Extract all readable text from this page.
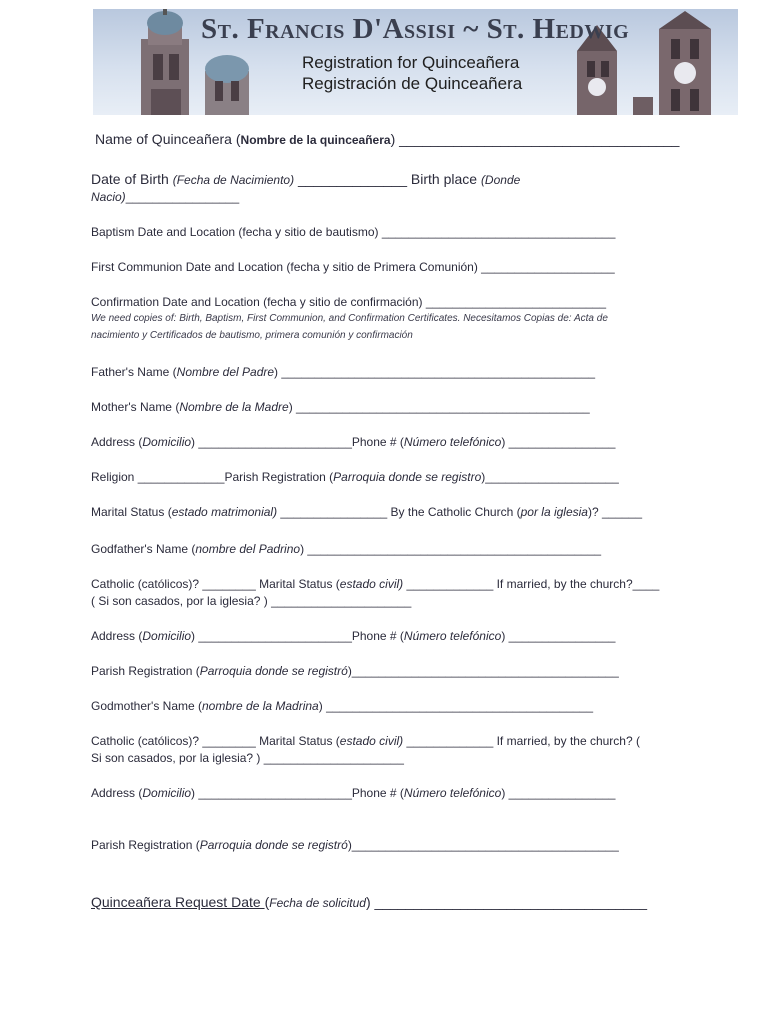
St. Francis D'Assisi ~ St. Hedwig
Registration for Quinceañera
Registración de Quinceañera
Name of Quinceañera (Nombre de la quinceañera) ____________________________________
Date of Birth (Fecha de Nacimiento) ______________ Birth place (Donde
Nacio)_________________
Baptism Date and Location (fecha y sitio de bautismo) ___________________________________
First Communion Date and Location (fecha y sitio de Primera Comunión) ____________________
Confirmation Date and Location (fecha y sitio de confirmación) ___________________________
We need copies of: Birth, Baptism, First Communion, and Confirmation Certificates. Necesitamos Copias de: Acta de
nacimiento y Certificados de bautismo, primera comunión y confirmación
Father's Name (Nombre del Padre) _______________________________________________
Mother's Name (Nombre de la Madre) ____________________________________________
Address (Domicilio) _______________________Phone # (Número telefónico) ________________
Religion _____________Parish Registration (Parroquia donde se registro)____________________
Marital Status (estado matrimonial) ________________ By the Catholic Church (por la iglesia)? ______
Godfather's Name (nombre del Padrino) ____________________________________________
Catholic (católicos)? ________ Marital Status (estado civil) _____________ If married, by the church?____
( Si son casados, por la iglesia? ) _____________________
Address (Domicilio) _______________________Phone # (Número telefónico) ________________
Parish Registration (Parroquia donde se registró)________________________________________
Godmother's Name (nombre de la Madrina) ________________________________________
Catholic (católicos)? ________ Marital Status (estado civil) _____________ If married, by the church? (
Si son casados, por la iglesia? ) _____________________
Address (Domicilio) _______________________Phone # (Número telefónico) ________________
Parish Registration (Parroquia donde se registró)________________________________________
Quinceañera Request Date (Fecha de solicitud) ___________________________________
